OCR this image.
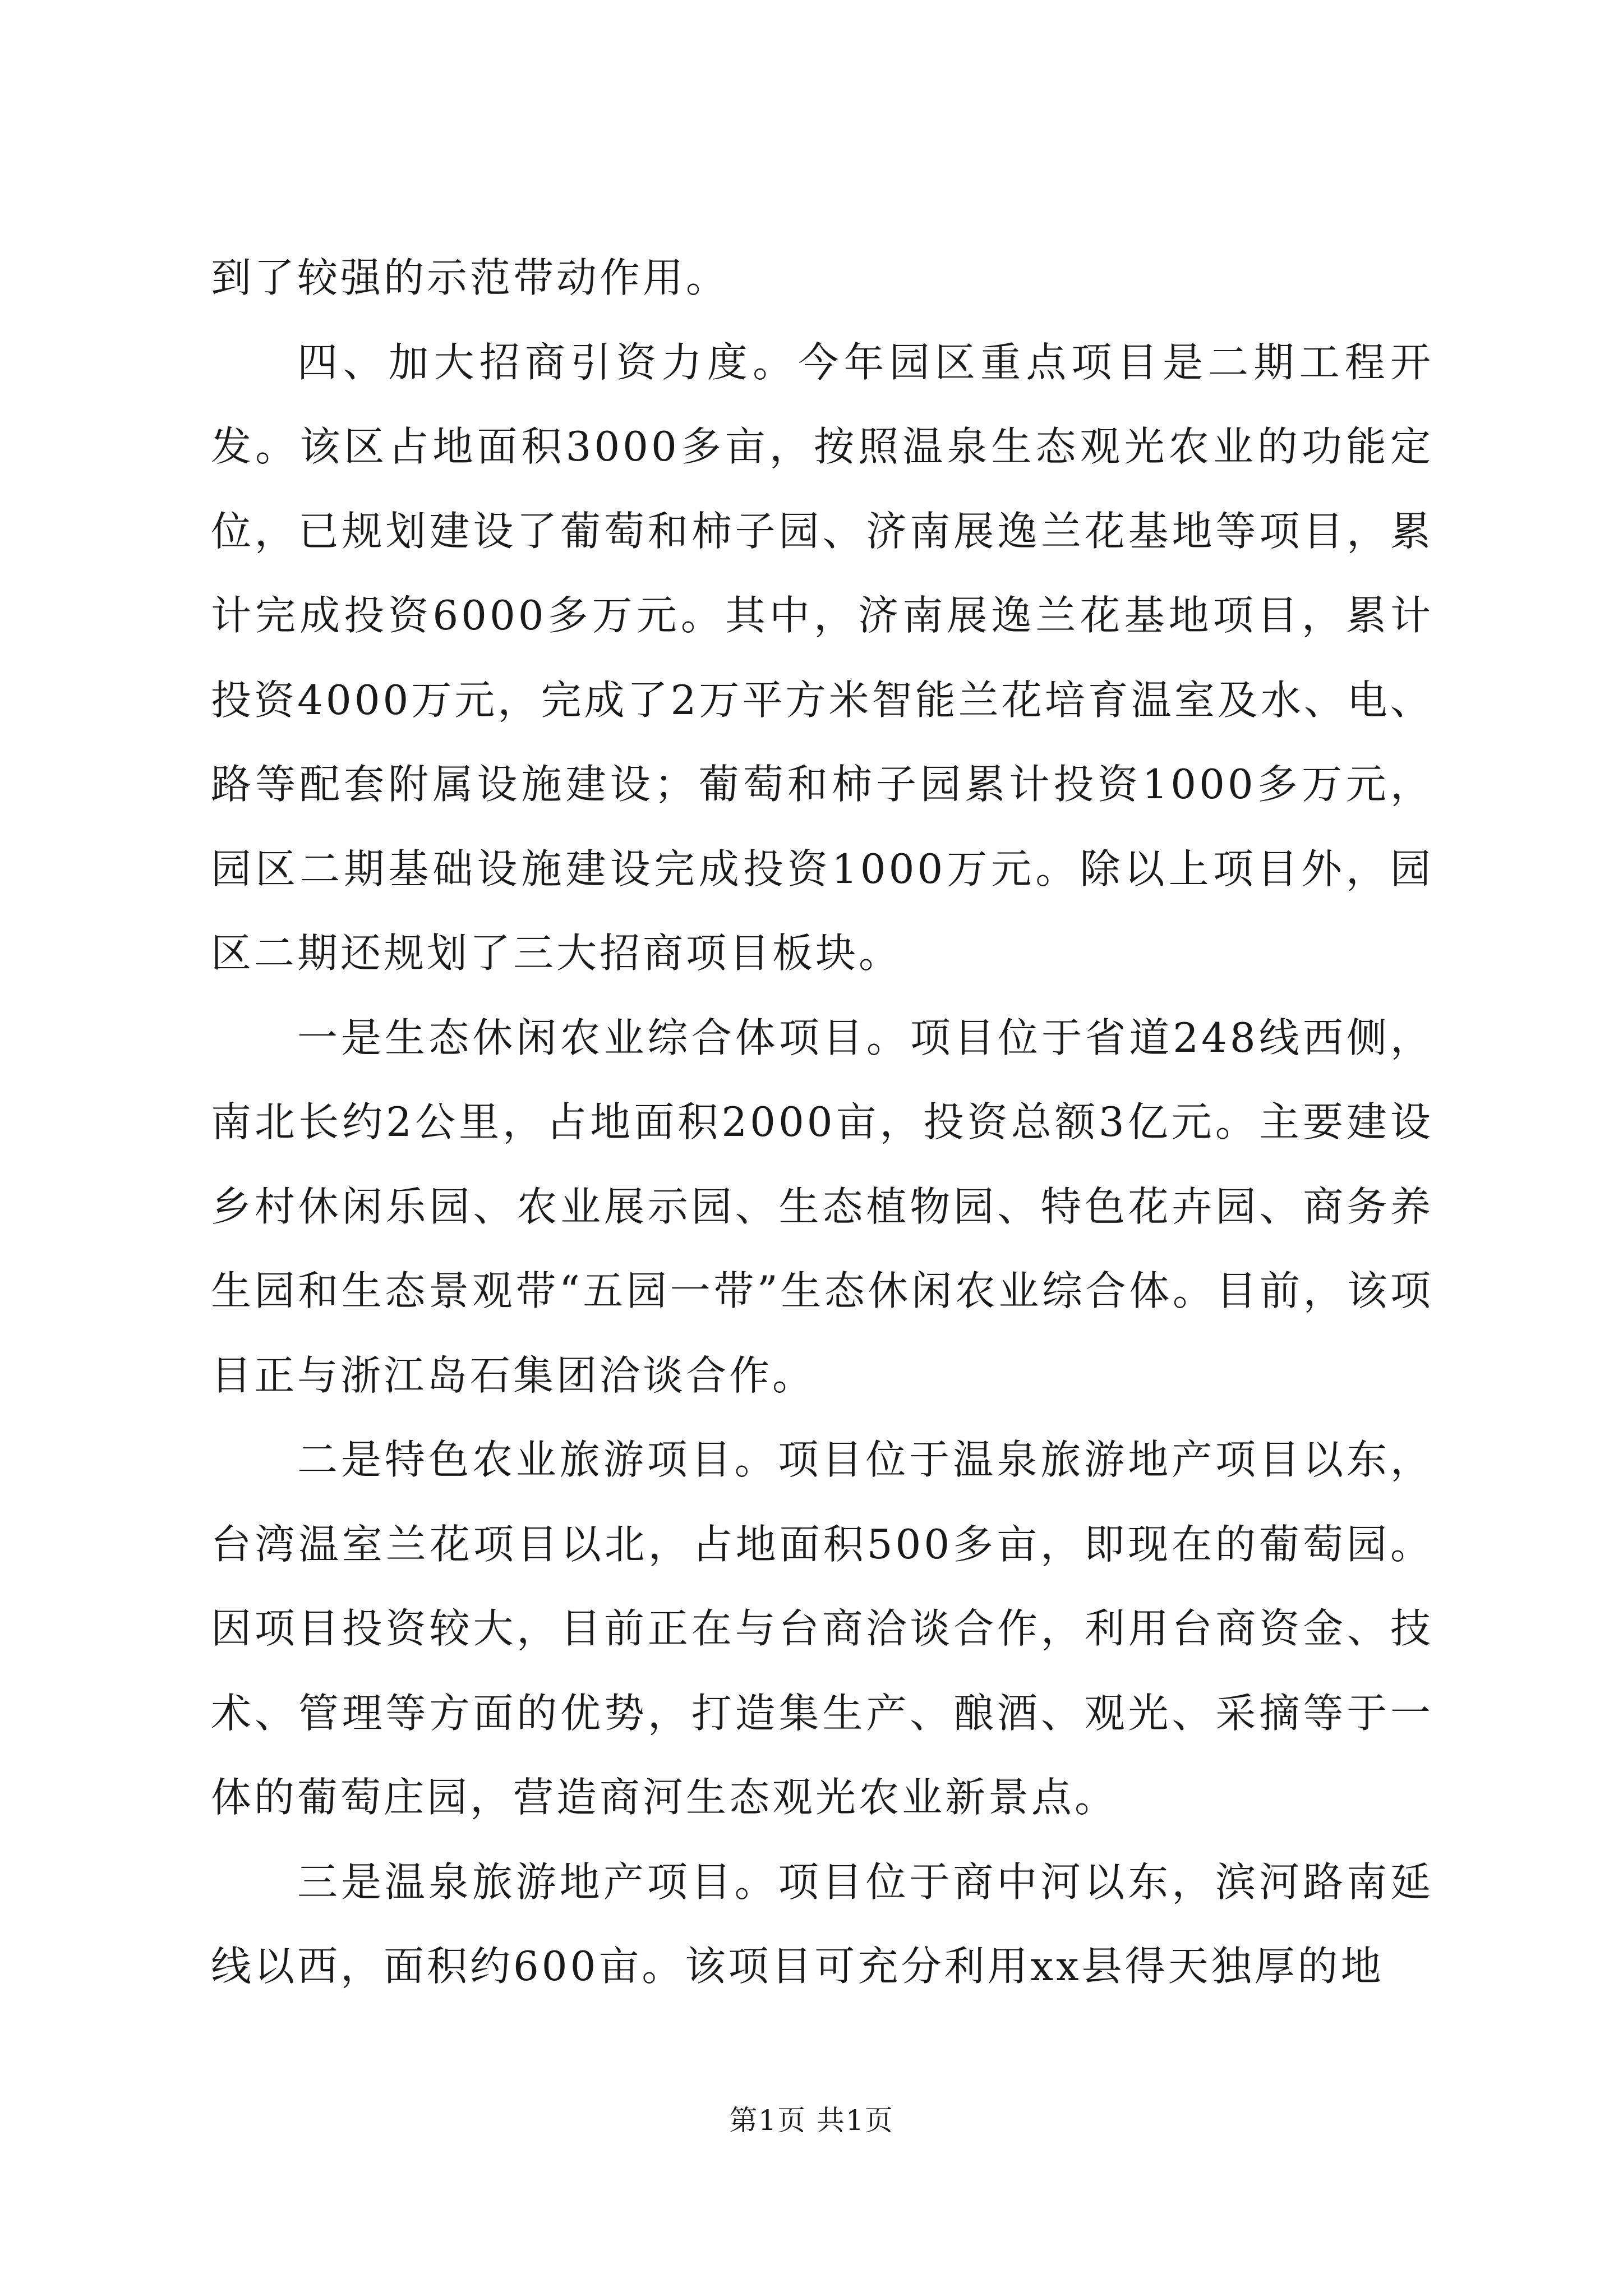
到了较强的示范带动作用。

四、加大招商引资力度。今年园区重点项目是二期工程开发。该区占地面积3000多亩，按照温泉生态观光农业的功能定位，已规划建设了葡萄和柿子园、济南展逸兰花基地等项目，累计完成投资6000多万元。其中，济南展逸兰花基地项目，累计投资4000万元，完成了2万平方米智能兰花培育温室及水、电、路等配套附属设施建设；葡萄和柿子园累计投资1000多万元，园区二期基础设施建设完成投资1000万元。除以上项目外，园区二期还规划了三大招商项目板块。

一是生态休闲农业综合体项目。项目位于省道248线西侧，南北长约2公里，占地面积2000亩，投资总额3亿元。主要建设乡村休闲乐园、农业展示园、生态植物园、特色花卉园、商务养生园和生态景观带“五园一带”生态休闲农业综合体。目前，该项目正与浙江岛石集团洽谈合作。

二是特色农业旅游项目。项目位于温泉旅游地产项目以东，台湾温室兰花项目以北，占地面积500多亩，即现在的葡萄园。因项目投资较大，目前正在与台商洽谈合作，利用台商资金、技术、管理等方面的优势，打造集生产、酿酒、观光、采摘等于一体的葡萄庄园，营造商河生态观光农业新景点。

三是温泉旅游地产项目。项目位于商中河以东，滨河路南延线以西，面积约600亩。该项目可充分利用xx县得天独厚的地

第1页 共1页
